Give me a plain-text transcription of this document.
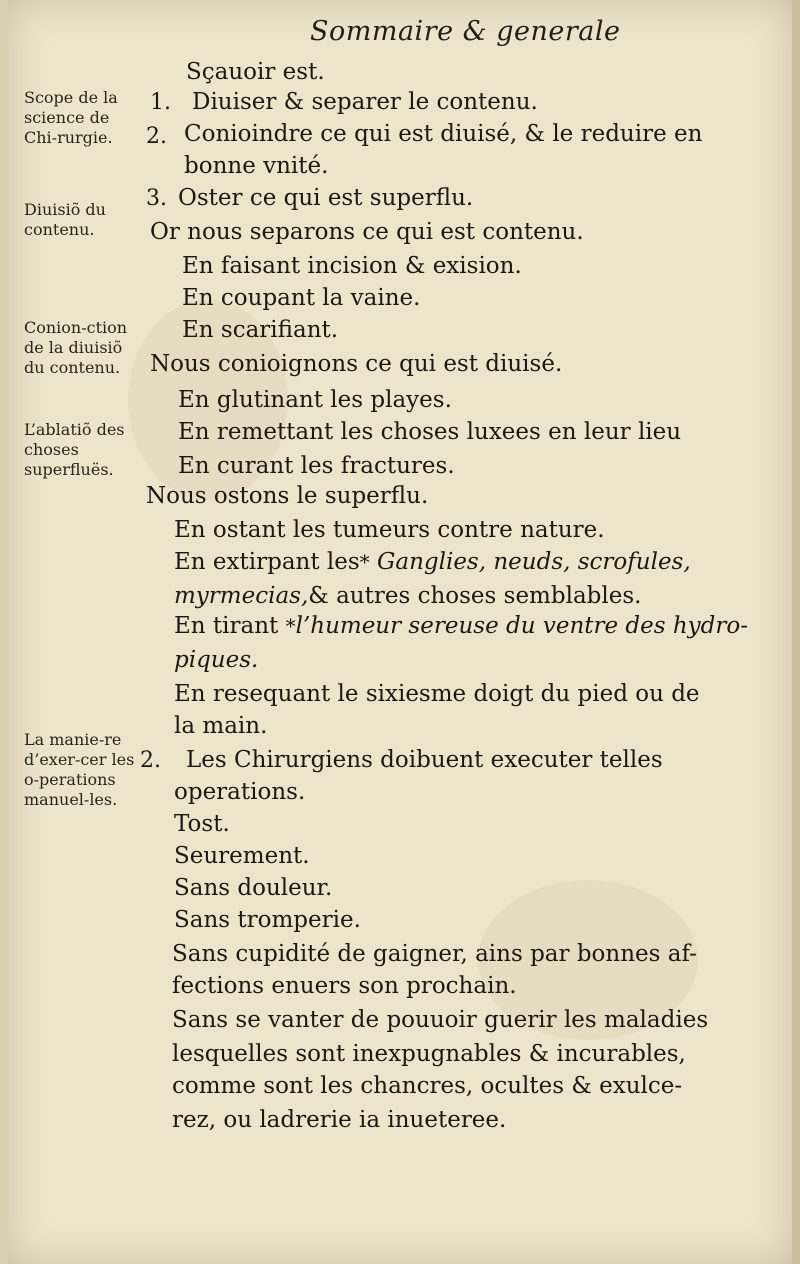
Sommaire & generale
Scope de la science de Chi-rurgie.
Diuisiõ du contenu.
Conion-ction de la diuisiõ du contenu.
L’ablatiõ des choses superfluës.
La manie-re d’exer-cer les o-perations manuel-les.
1.
2.
3.
2.
Sçauoir est.
Diuiser & separer le contenu.
Conioindre ce qui est diuisé, & le reduire en
bonne vnité.
Oster ce qui est superflu.
Or nous separons ce qui est contenu.
En faisant incision & exision.
En coupant la vaine.
En scarifiant.
Nous conioignons ce qui est diuisé.
En glutinant les playes.
En remettant les choses luxees en leur lieu
En curant les fractures.
Nous ostons le superflu.
En ostant les tumeurs contre nature.
En extirpant les* Ganglies, neuds, scrofules,
myrmecias,& autres choses semblables.
En tirant *l’humeur sereuse du ventre des hydro-
piques.
En resequant le sixiesme doigt du pied ou de
la main.
Les Chirurgiens doibuent executer telles
operations.
Tost.
Seurement.
Sans douleur.
Sans tromperie.
Sans cupidité de gaigner, ains par bonnes af-
fections enuers son prochain.
Sans se vanter de pouuoir guerir les maladies
lesquelles sont inexpugnables & incurables,
comme sont les chancres, ocultes & exulce-
rez, ou ladrerie ia inueteree.
